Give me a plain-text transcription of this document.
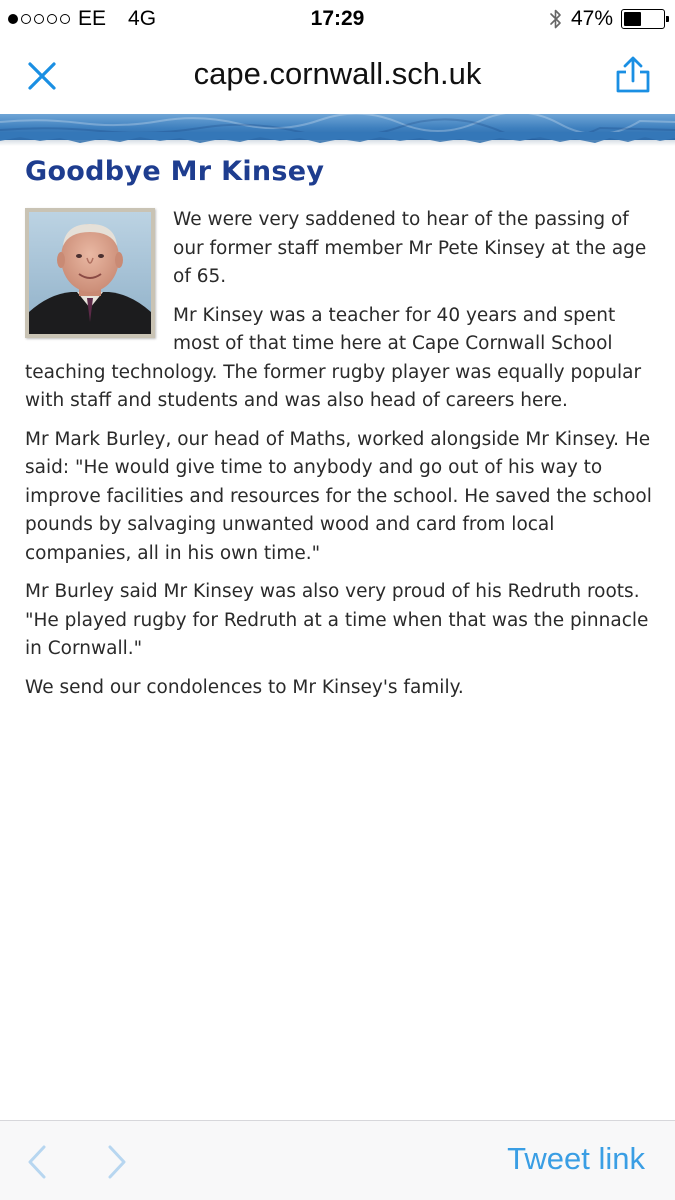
EE 4G	17:29	47%
cape.cornwall.sch.uk
Goodbye Mr Kinsey

We were very saddened to hear of the passing of our former staff member Mr Pete Kinsey at the age of 65.

Mr Kinsey was a teacher for 40 years and spent most of that time here at Cape Cornwall School teaching technology. The former rugby player was equally popular with staff and students and was also head of careers here.

Mr Mark Burley, our head of Maths, worked alongside Mr Kinsey. He said: "He would give time to anybody and go out of his way to improve facilities and resources for the school. He saved the school pounds by salvaging unwanted wood and card from local companies, all in his own time."

Mr Burley said Mr Kinsey was also very proud of his Redruth roots. "He played rugby for Redruth at a time when that was the pinnacle in Cornwall."

We send our condolences to Mr Kinsey's family.

Tweet link
